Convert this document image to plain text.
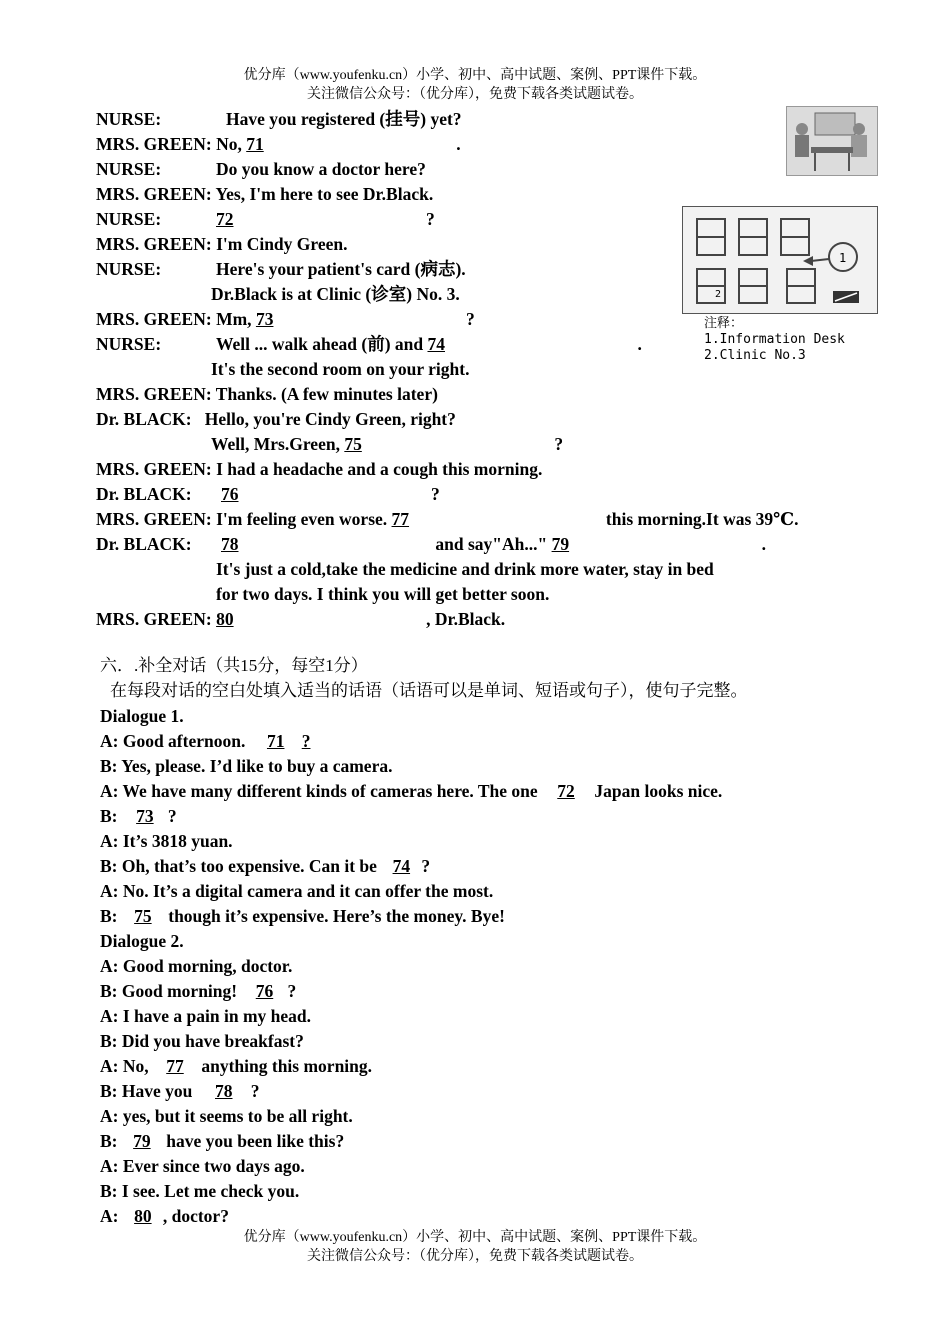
优分库（www.youfenku.cn）小学、初中、高中试题、案例、PPT课件下载。
关注微信公众号：（优分库），免费下载各类试题试卷。
NURSE:	Have you registered (挂号) yet?
MRS. GREEN: No, 71	.
NURSE:	Do you know a doctor here?
MRS. GREEN: Yes, I'm here to see Dr.Black.
NURSE:	72	?
MRS. GREEN: I'm Cindy Green.
NURSE:	Here's your patient's card (病志).
Dr.Black is at Clinic (诊室) No. 3.
MRS. GREEN: Mm, 73	?
NURSE:	Well ... walk ahead (前) and 74	.
It's the second room on your right.
MRS. GREEN: Thanks. (A few minutes later)
Dr. BLACK: Hello, you're Cindy Green, right?
Well, Mrs.Green, 75	?
MRS. GREEN: I had a headache and a cough this morning.
Dr. BLACK: 76	?
MRS. GREEN: I'm feeling even worse. 77	this morning.It was 39℃.
Dr. BLACK: 78	and say"Ah..." 79	.
It's just a cold,take the medicine and drink more water, stay in bed
for two days. I think you will get better soon.
MRS. GREEN: 80	, Dr.Black.
1
2
注释：
1.Information Desk
2.Clinic No.3
六．.补全对话（共15分，每空1分）
在每段对话的空白处填入适当的话语（话语可以是单词、短语或句子），使句子完整。
Dialogue 1.
A: Good afternoon. 71 ?
B: Yes, please. I’d like to buy a camera.
A: We have many different kinds of cameras here. The one 72 Japan looks nice.
B: 73 ?
A: It’s 3818 yuan.
B: Oh, that’s too expensive. Can it be 74 ?
A: No. It’s a digital camera and it can offer the most.
B: 75 though it’s expensive. Here’s the money. Bye!
Dialogue 2.
A: Good morning, doctor.
B: Good morning! 76 ?
A: I have a pain in my head.
B: Did you have breakfast?
A: No, 77 anything this morning.
B: Have you 78 ?
A: yes, but it seems to be all right.
B: 79 have you been like this?
A: Ever since two days ago.
B: I see. Let me check you.
A: 80 , doctor?
优分库（www.youfenku.cn）小学、初中、高中试题、案例、PPT课件下载。
关注微信公众号：（优分库），免费下载各类试题试卷。
